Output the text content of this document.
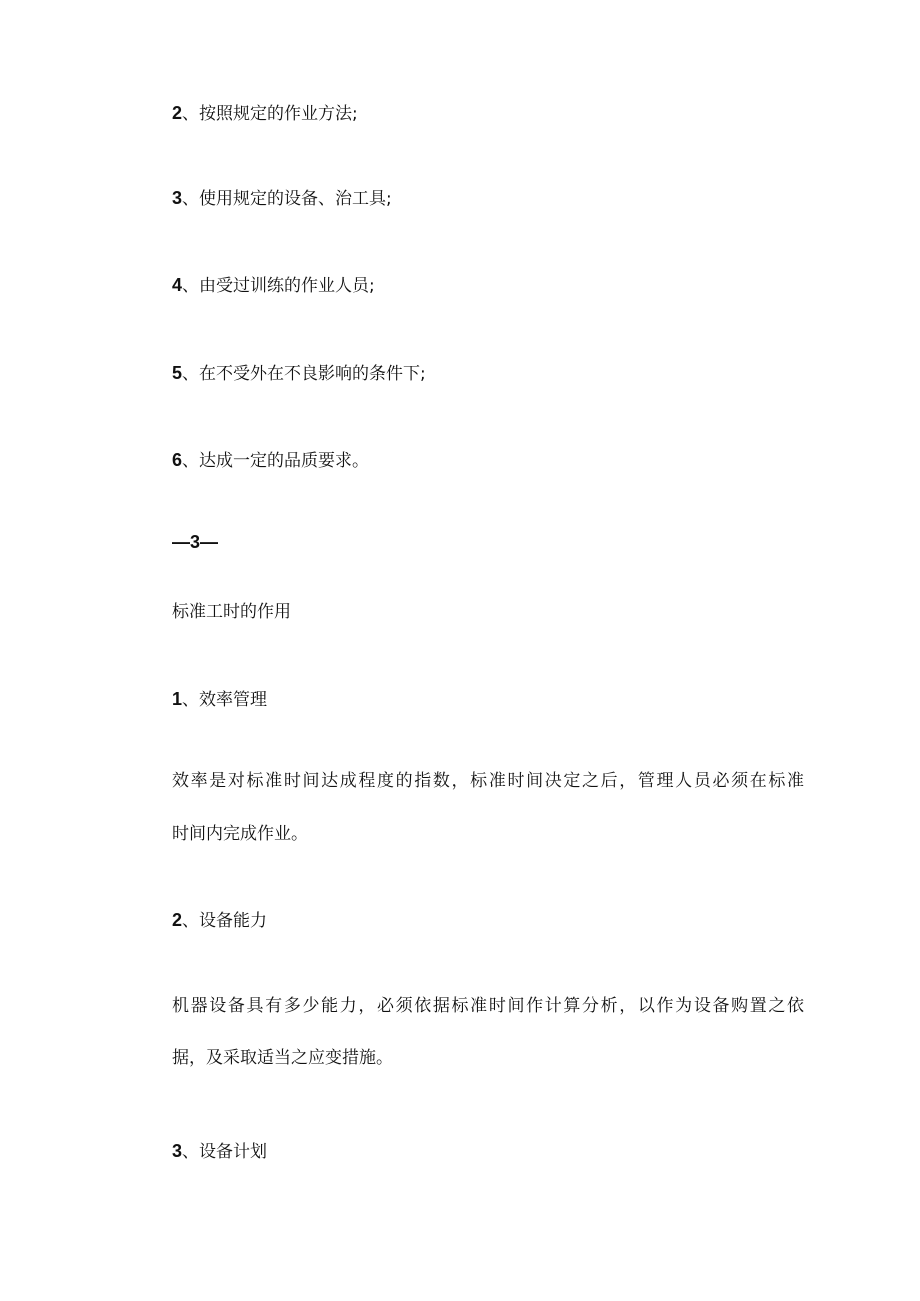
2、按照规定的作业方法;
3、使用规定的设备、治工具;
4、由受过训练的作业人员;
5、在不受外在不良影响的条件下;
6、达成一定的品质要求。
—3—
标准工时的作用
1、效率管理
效率是对标准时间达成程度的指数，标准时间决定之后，管理人员必须在标准
时间内完成作业。
2、设备能力
机器设备具有多少能力，必须依据标准时间作计算分析，以作为设备购置之依
据，及采取适当之应变措施。
3、设备计划
